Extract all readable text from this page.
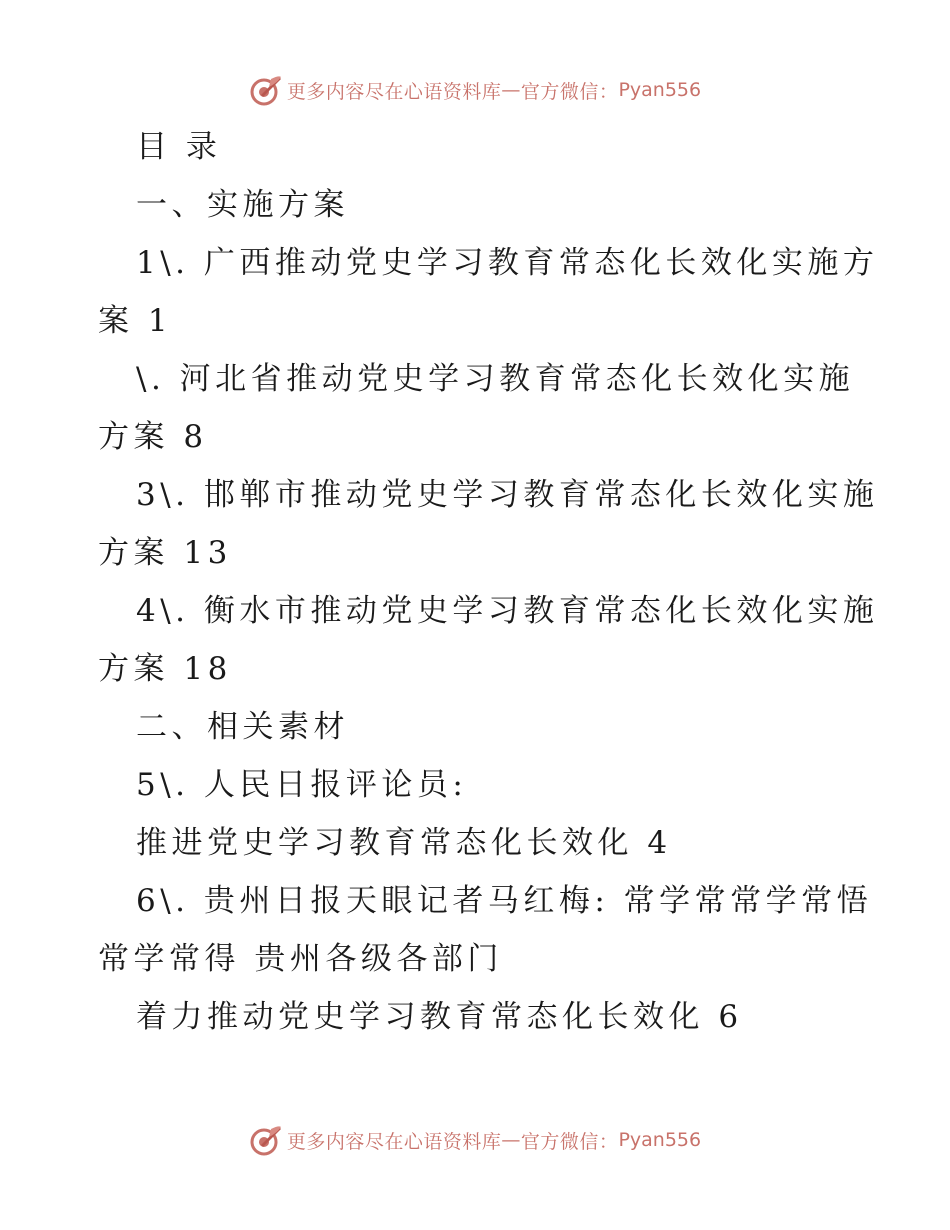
更多内容尽在心语资料库 — 官方微信： Pyan556
目 录
一、实施方案
1\. 广西推动党史学习教育常态化长效化实施方
案 1
\. 河北省推动党史学习教育常态化长效化实施
方案 8
3\. 邯郸市推动党史学习教育常态化长效化实施
方案 13
4\. 衡水市推动党史学习教育常态化长效化实施
方案 18
二、相关素材
5\. 人民日报评论员:
推进党史学习教育常态化长效化 4
6\. 贵州日报天眼记者马红梅: 常学常常学常悟
常学常得 贵州各级各部门
着力推动党史学习教育常态化长效化 6
更多内容尽在心语资料库 — 官方微信： Pyan556
